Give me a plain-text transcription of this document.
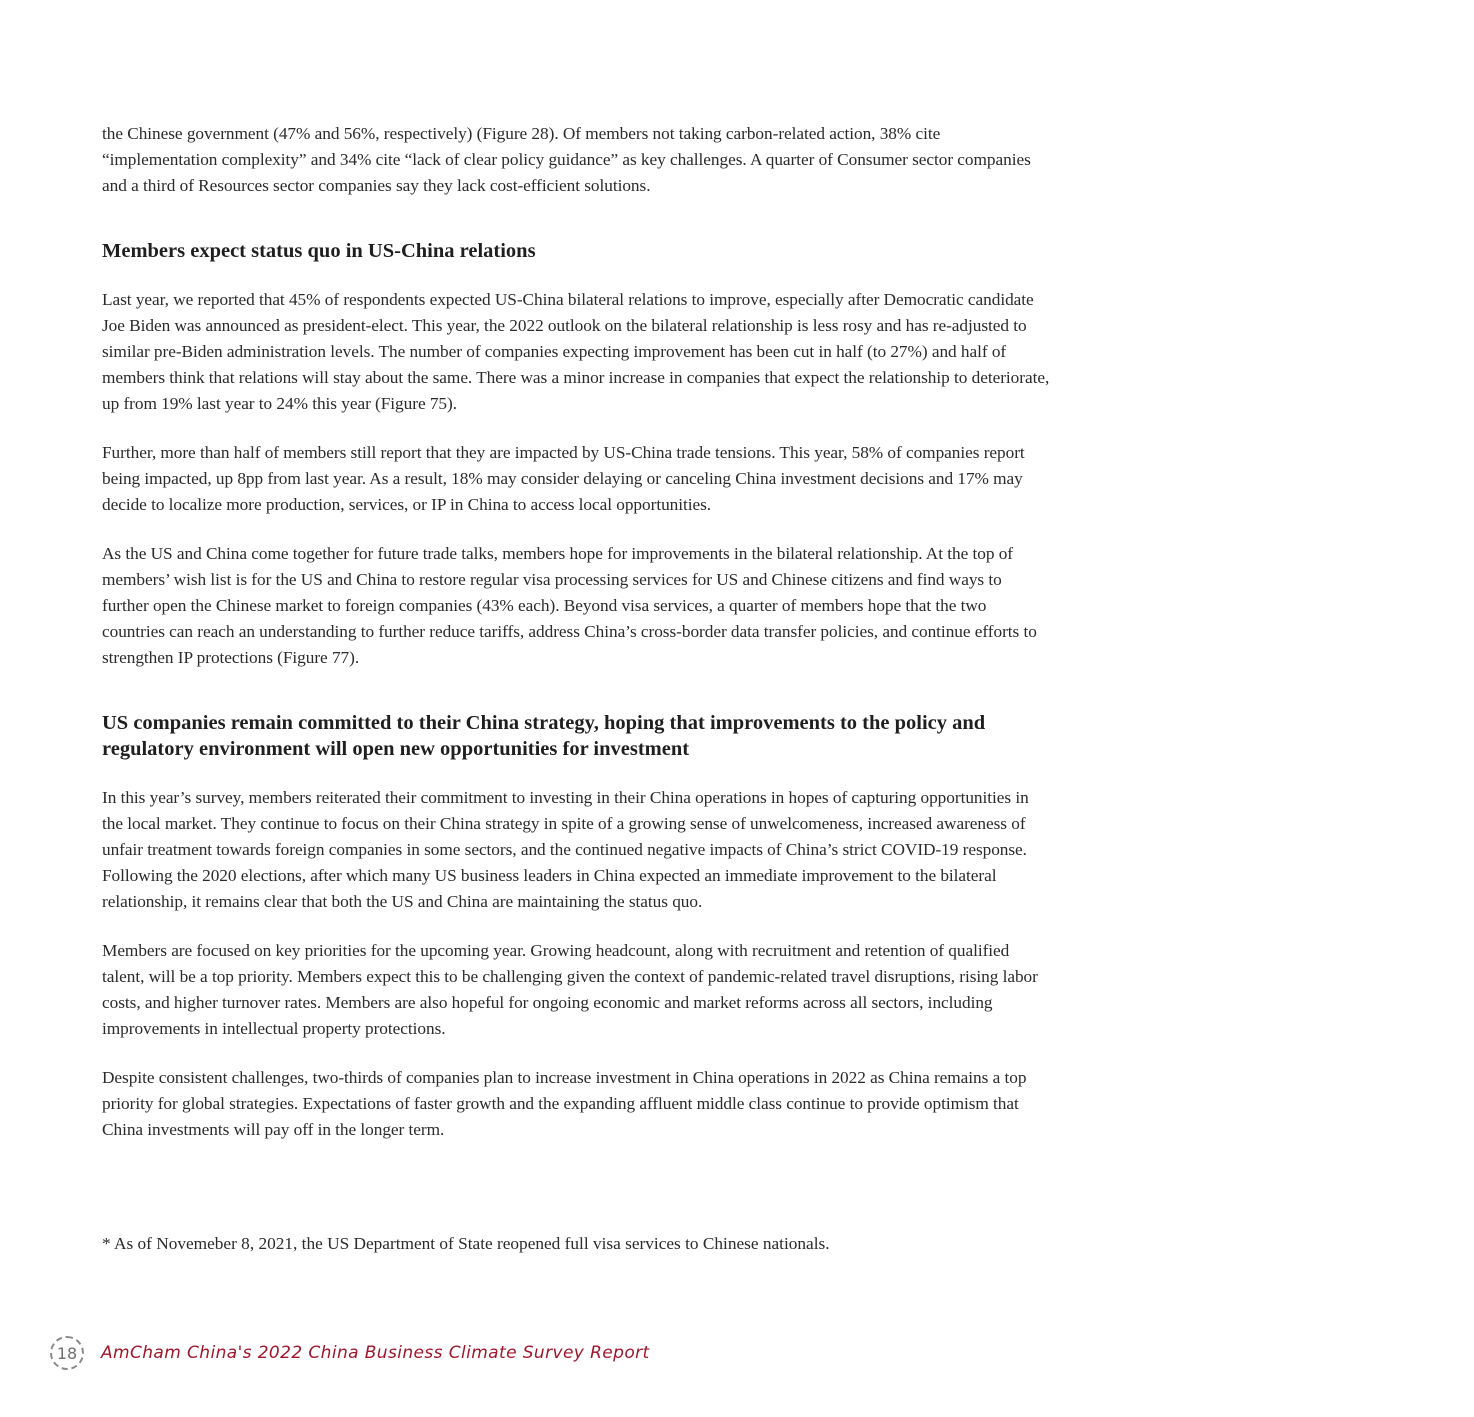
the Chinese government (47% and 56%, respectively) (Figure 28). Of members not taking carbon-related action, 38% cite “implementation complexity” and 34% cite “lack of clear policy guidance” as key challenges. A quarter of Consumer sector companies and a third of Resources sector companies say they lack cost-efficient solutions.

Members expect status quo in US-China relations

Last year, we reported that 45% of respondents expected US-China bilateral relations to improve, especially after Democratic candidate Joe Biden was announced as president-elect. This year, the 2022 outlook on the bilateral relationship is less rosy and has re-adjusted to similar pre-Biden administration levels. The number of companies expecting improvement has been cut in half (to 27%) and half of members think that relations will stay about the same. There was a minor increase in companies that expect the relationship to deteriorate, up from 19% last year to 24% this year (Figure 75).

Further, more than half of members still report that they are impacted by US-China trade tensions. This year, 58% of companies report being impacted, up 8pp from last year. As a result, 18% may consider delaying or canceling China investment decisions and 17% may decide to localize more production, services, or IP in China to access local opportunities.

As the US and China come together for future trade talks, members hope for improvements in the bilateral relationship. At the top of members’ wish list is for the US and China to restore regular visa processing services for US and Chinese citizens and find ways to further open the Chinese market to foreign companies (43% each). Beyond visa services, a quarter of members hope that the two countries can reach an understanding to further reduce tariffs, address China’s cross-border data transfer policies, and continue efforts to strengthen IP protections (Figure 77).

US companies remain committed to their China strategy, hoping that improvements to the policy and regulatory environment will open new opportunities for investment

In this year’s survey, members reiterated their commitment to investing in their China operations in hopes of capturing opportunities in the local market. They continue to focus on their China strategy in spite of a growing sense of unwelcomeness, increased awareness of unfair treatment towards foreign companies in some sectors, and the continued negative impacts of China’s strict COVID-19 response. Following the 2020 elections, after which many US business leaders in China expected an immediate improvement to the bilateral relationship, it remains clear that both the US and China are maintaining the status quo.

Members are focused on key priorities for the upcoming year. Growing headcount, along with recruitment and retention of qualified talent, will be a top priority. Members expect this to be challenging given the context of pandemic-related travel disruptions, rising labor costs, and higher turnover rates. Members are also hopeful for ongoing economic and market reforms across all sectors, including improvements in intellectual property protections.

Despite consistent challenges, two-thirds of companies plan to increase investment in China operations in 2022 as China remains a top priority for global strategies. Expectations of faster growth and the expanding affluent middle class continue to provide optimism that China investments will pay off in the longer term.

* As of Novemeber 8, 2021, the US Department of State reopened full visa services to Chinese nationals.
18	AmCham China's 2022 China Business Climate Survey Report
